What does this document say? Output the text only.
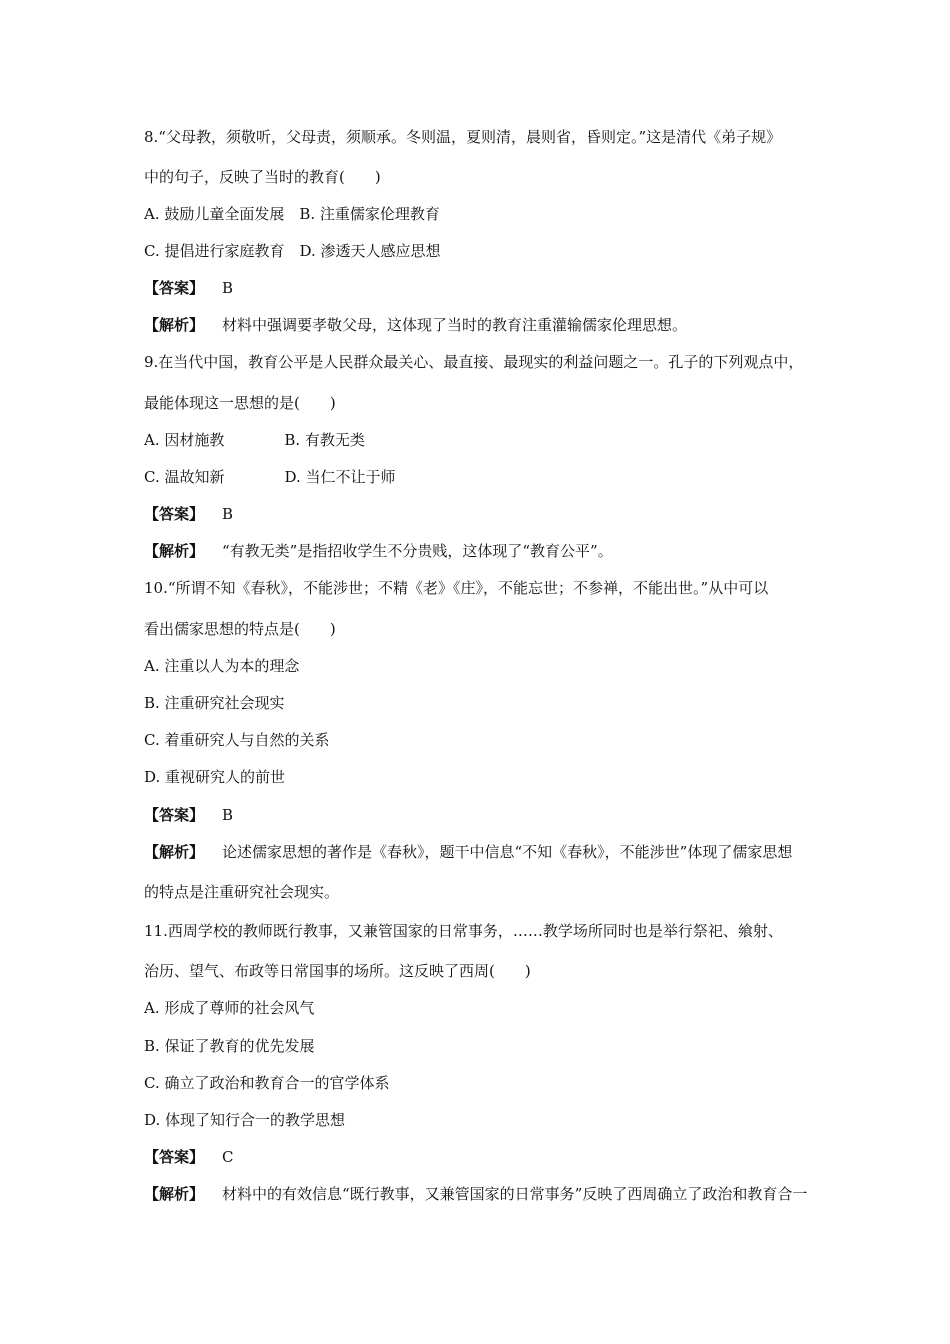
8.“父母教，须敬听，父母责，须顺承。冬则温，夏则清，晨则省，昏则定。”这是清代《弟子规》
中的句子，反映了当时的教育(　　)
A. 鼓励儿童全面发展　B. 注重儒家伦理教育
C. 提倡进行家庭教育　D. 渗透天人感应思想
【答案】 B
【解析】 材料中强调要孝敬父母，这体现了当时的教育注重灌输儒家伦理思想。
9.在当代中国，教育公平是人民群众最关心、最直接、最现实的利益问题之一。孔子的下列观点中，
最能体现这一思想的是(　　)
A. 因材施教　　　　B. 有教无类
C. 温故知新　　　　D. 当仁不让于师
【答案】 B
【解析】 “有教无类”是指招收学生不分贵贱，这体现了“教育公平”。
10.“所谓不知《春秋》，不能涉世；不精《老》《庄》，不能忘世；不参禅，不能出世。”从中可以
看出儒家思想的特点是(　　)
A. 注重以人为本的理念
B. 注重研究社会现实
C. 着重研究人与自然的关系
D. 重视研究人的前世
【答案】 B
【解析】 论述儒家思想的著作是《春秋》，题干中信息“不知《春秋》，不能涉世”体现了儒家思想
的特点是注重研究社会现实。
11.西周学校的教师既行教事，又兼管国家的日常事务，……教学场所同时也是举行祭祀、飨射、
治历、望气、布政等日常国事的场所。这反映了西周(　　)
A. 形成了尊师的社会风气
B. 保证了教育的优先发展
C. 确立了政治和教育合一的官学体系
D. 体现了知行合一的教学思想
【答案】 C
【解析】 材料中的有效信息“既行教事，又兼管国家的日常事务”反映了西周确立了政治和教育合一
